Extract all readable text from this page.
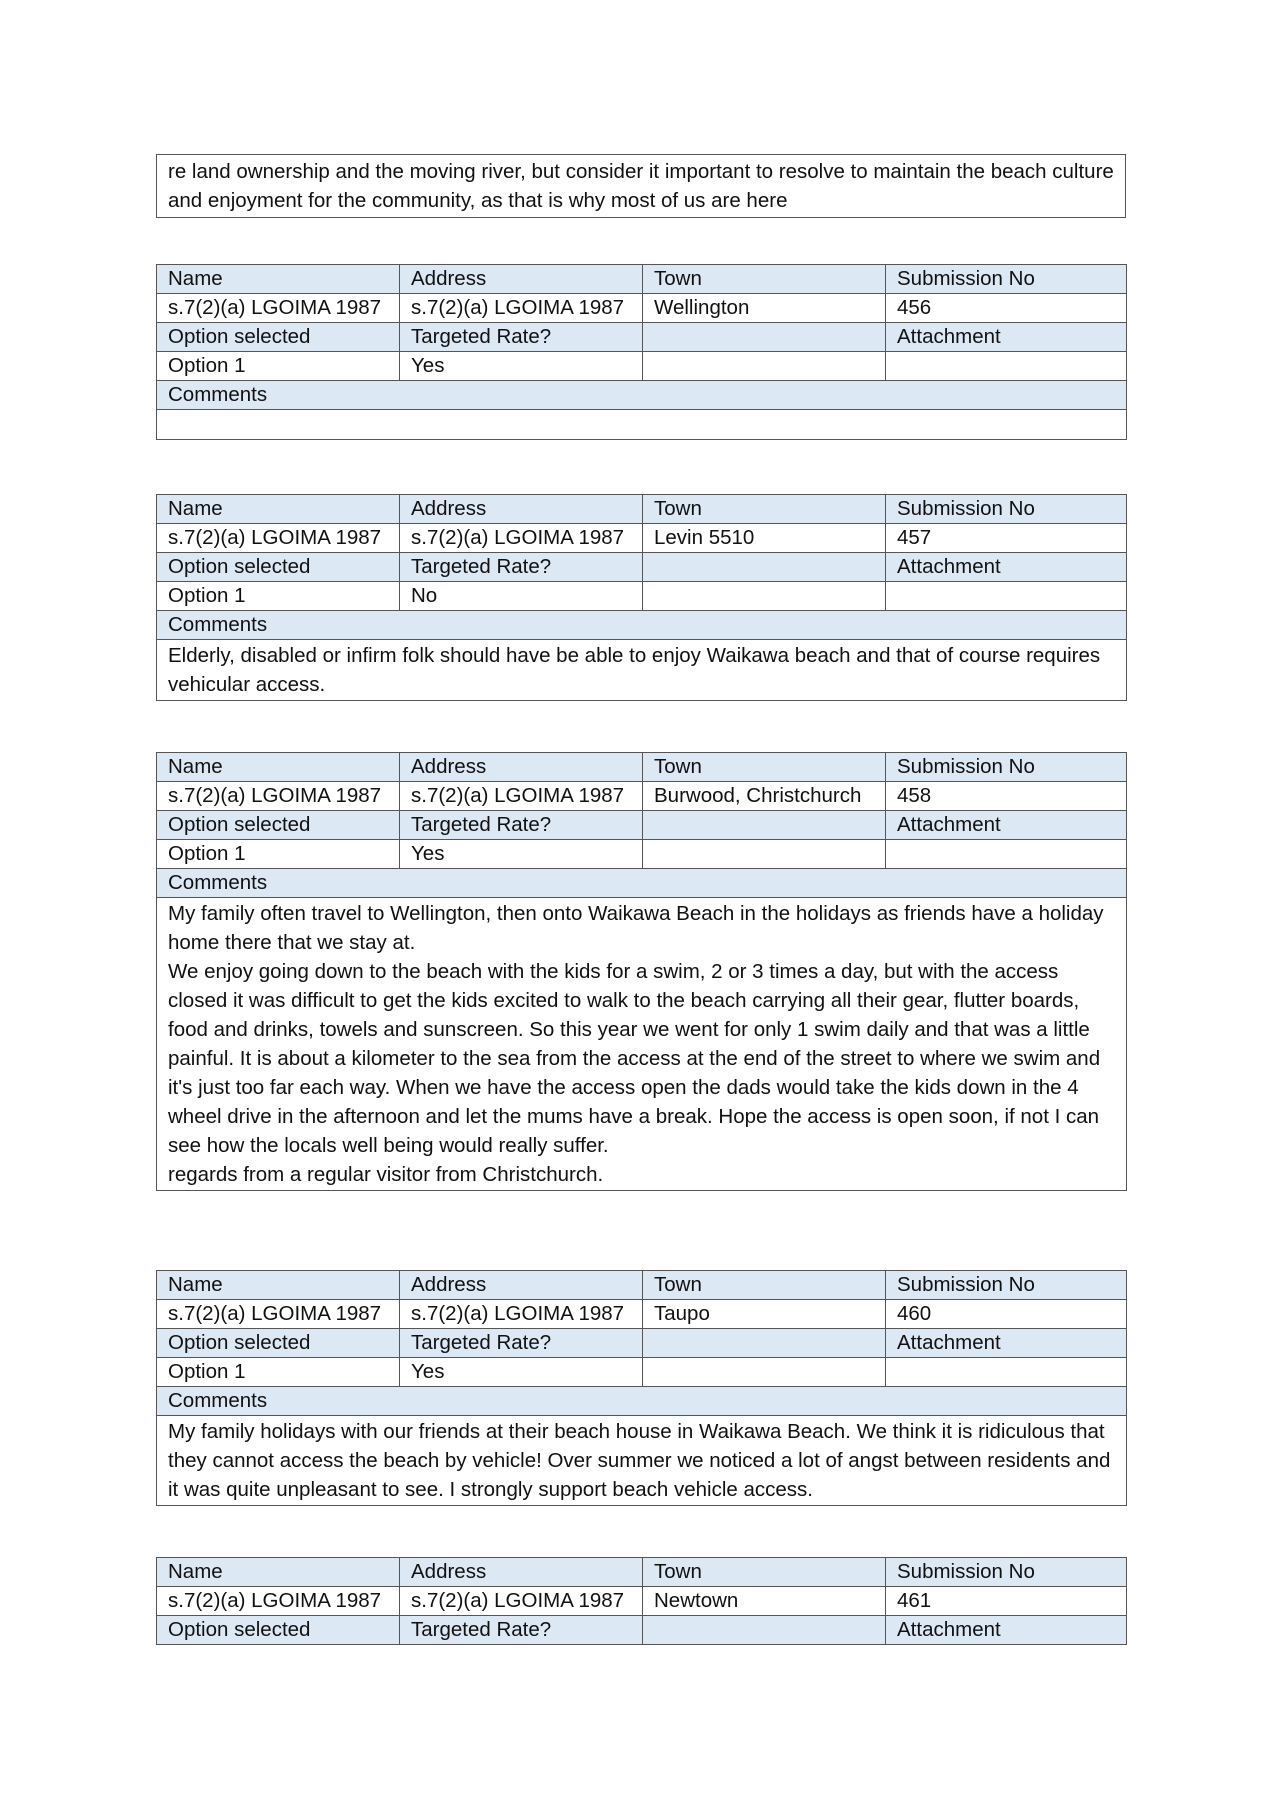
re land ownership and the moving river, but consider it important to resolve to maintain the beach culture and enjoyment for the community, as that is why most of us are here
Name	Address	Town	Submission No
s.7(2)(a) LGOIMA 1987	s.7(2)(a) LGOIMA 1987	Wellington	456
Option selected	Targeted Rate?		Attachment
Option 1	Yes		
Comments			

Name	Address	Town	Submission No
s.7(2)(a) LGOIMA 1987	s.7(2)(a) LGOIMA 1987	Levin 5510	457
Option selected	Targeted Rate?		Attachment
Option 1	No		
Comments			
Elderly, disabled or infirm folk should have be able to enjoy Waikawa beach and that of course requires vehicular access.			
Name	Address	Town	Submission No
s.7(2)(a) LGOIMA 1987	s.7(2)(a) LGOIMA 1987	Burwood, Christchurch	458
Option selected	Targeted Rate?		Attachment
Option 1	Yes		
Comments			
My family often travel to Wellington, then onto Waikawa Beach in the holidays as friends have a holiday home there that we stay at.
We enjoy going down to the beach with the kids for a swim, 2 or 3 times a day, but with the access closed it was difficult to get the kids excited to walk to the beach carrying all their gear, flutter boards, food and drinks, towels and sunscreen. So this year we went for only 1 swim daily and that was a little painful. It is about a kilometer to the sea from the access at the end of the street to where we swim and it's just too far each way. When we have the access open the dads would take the kids down in the 4 wheel drive in the afternoon and let the mums have a break. Hope the access is open soon, if not I can see how the locals well being would really suffer.
regards from a regular visitor from Christchurch.			
Name	Address	Town	Submission No
s.7(2)(a) LGOIMA 1987	s.7(2)(a) LGOIMA 1987	Taupo	460
Option selected	Targeted Rate?		Attachment
Option 1	Yes		
Comments			
My family holidays with our friends at their beach house in Waikawa Beach. We think it is ridiculous that they cannot access the beach by vehicle! Over summer we noticed a lot of angst between residents and it was quite unpleasant to see. I strongly support beach vehicle access.			
Name	Address	Town	Submission No
s.7(2)(a) LGOIMA 1987	s.7(2)(a) LGOIMA 1987	Newtown	461
Option selected	Targeted Rate?		Attachment
